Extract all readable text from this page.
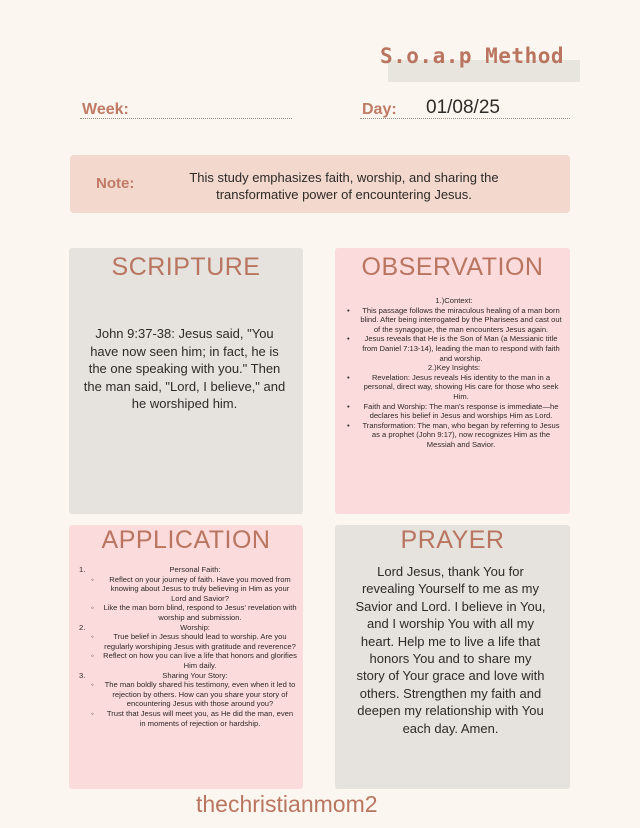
S.o.a.p Method
Week:	Day: 01/08/25
Note:	This study emphasizes faith, worship, and sharing the transformative power of encountering Jesus.
SCRIPTURE
John 9:37-38: Jesus said, "You have now seen him; in fact, he is the one speaking with you." Then the man said, "Lord, I believe," and he worshiped him.
OBSERVATION
1.)Context:
• This passage follows the miraculous healing of a man born blind. After being interrogated by the Pharisees and cast out of the synagogue, the man encounters Jesus again.
• Jesus reveals that He is the Son of Man (a Messianic title from Daniel 7:13-14), leading the man to respond with faith and worship.
2.)Key Insights:
• Revelation: Jesus reveals His identity to the man in a personal, direct way, showing His care for those who seek Him.
• Faith and Worship: The man's response is immediate—he declares his belief in Jesus and worships Him as Lord.
• Transformation: The man, who began by referring to Jesus as a prophet (John 9:17), now recognizes Him as the Messiah and Savior.
APPLICATION
1.	Personal Faith:
◦ Reflect on your journey of faith. Have you moved from knowing about Jesus to truly believing in Him as your Lord and Savior?
◦ Like the man born blind, respond to Jesus' revelation with worship and submission.
2.	Worship:
◦ True belief in Jesus should lead to worship. Are you regularly worshiping Jesus with gratitude and reverence?
◦ Reflect on how you can live a life that honors and glorifies Him daily.
3.	Sharing Your Story:
◦ The man boldly shared his testimony, even when it led to rejection by others. How can you share your story of encountering Jesus with those around you?
◦ Trust that Jesus will meet you, as He did the man, even in moments of rejection or hardship.
PRAYER
Lord Jesus, thank You for revealing Yourself to me as my Savior and Lord. I believe in You, and I worship You with all my heart. Help me to live a life that honors You and to share my story of Your grace and love with others. Strengthen my faith and deepen my relationship with You each day. Amen.
thechristianmom2
